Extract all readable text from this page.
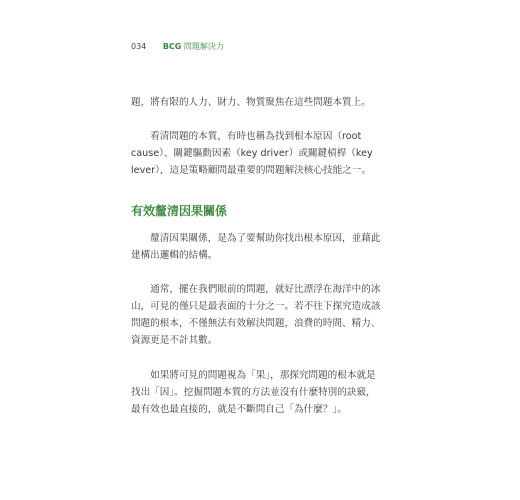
034 BCG 問題解決力

題，將有限的人力、財力、物質聚焦在這些問題本質上。

　　看清問題的本質，有時也稱為找到根本原因（root
cause）、關鍵驅動因素（key driver）或關鍵槓桿（key
lever），這是策略顧問最重要的問題解決核心技能之一。

有效釐清因果關係

　　釐清因果關係，是為了要幫助你找出根本原因，並藉此
建構出邏輯的結構。

　　通常，擺在我們眼前的問題，就好比漂浮在海洋中的冰
山，可見的僅只是最表面的十分之一。若不往下探究造成該
問題的根本，不僅無法有效解決問題，浪費的時間、精力、
資源更是不計其數。

　　如果將可見的問題視為「果」，那探究問題的根本就是
找出「因」。挖掘問題本質的方法並沒有什麼特別的訣竅，
最有效也最直接的，就是不斷問自己「為什麼？」。
